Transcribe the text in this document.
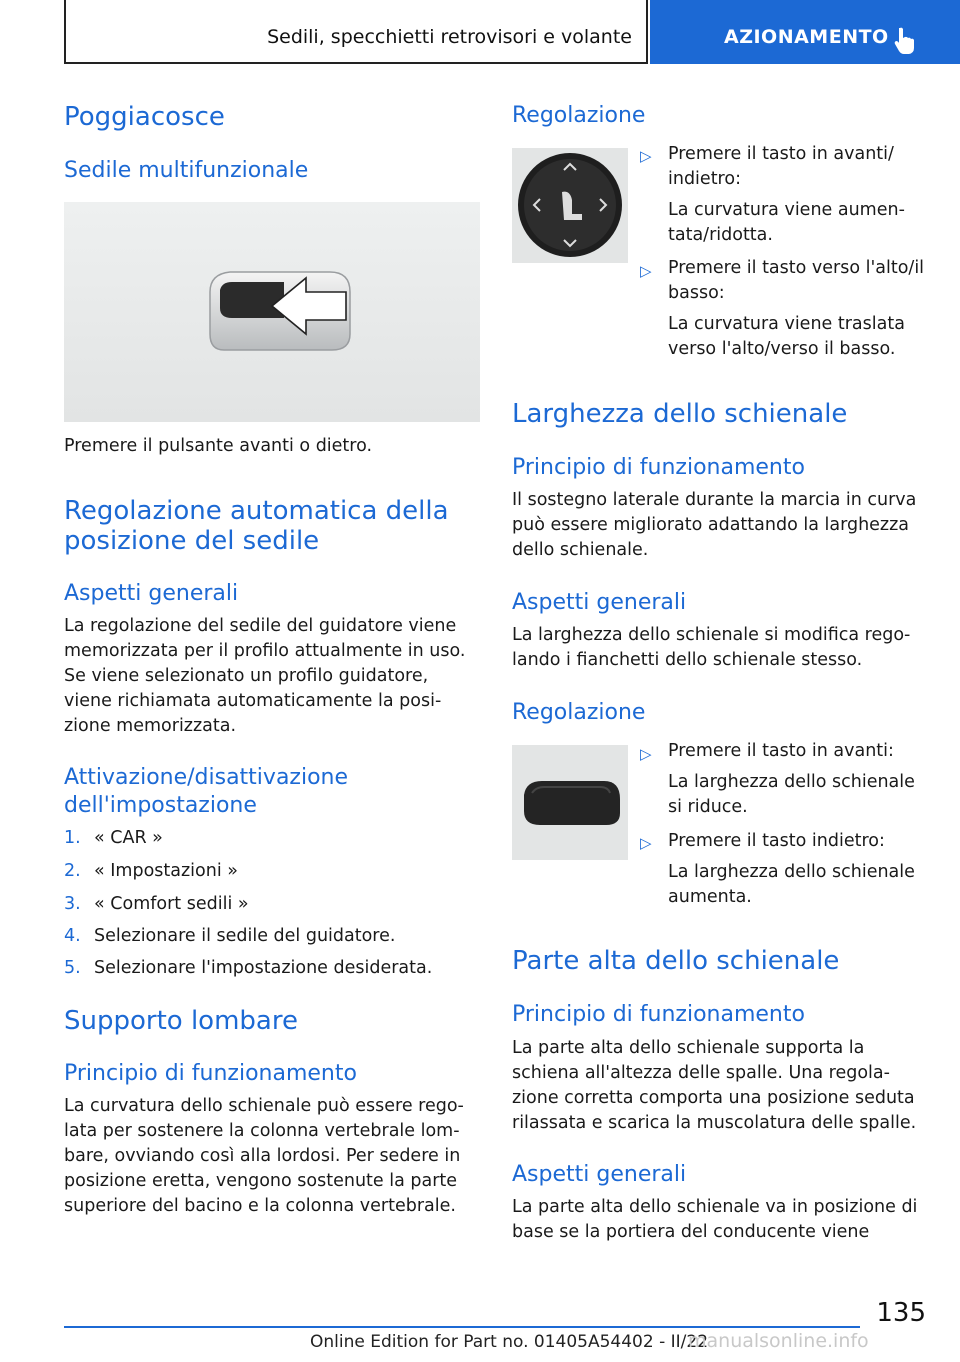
Sedili, specchietti retrovisori e volante	AZIONAMENTO
Poggiacosce
Sedile multifunzionale
Premere il pulsante avanti o dietro.
Regolazione automatica della
posizione del sedile
Aspetti generali
La regolazione del sedile del guidatore viene
memorizzata per il profilo attualmente in uso.
Se viene selezionato un profilo guidatore,
viene richiamata automaticamente la posi‐
zione memorizzata.
Attivazione/disattivazione
dell'impostazione
1. « CAR »
2. « Impostazioni »
3. « Comfort sedili »
4. Selezionare il sedile del guidatore.
5. Selezionare l'impostazione desiderata.
Supporto lombare
Principio di funzionamento
La curvatura dello schienale può essere rego‐
lata per sostenere la colonna vertebrale lom‐
bare, ovviando così alla lordosi. Per sedere in
posizione eretta, vengono sostenute la parte
superiore del bacino e la colonna vertebrale.
Regolazione
▷ Premere il tasto in avanti/
indietro:
La curvatura viene aumen‐
tata/ridotta.
▷ Premere il tasto verso l'alto/il
basso:
La curvatura viene traslata
verso l'alto/verso il basso.
Larghezza dello schienale
Principio di funzionamento
Il sostegno laterale durante la marcia in curva
può essere migliorato adattando la larghezza
dello schienale.
Aspetti generali
La larghezza dello schienale si modifica rego‐
lando i fianchetti dello schienale stesso.
Regolazione
▷ Premere il tasto in avanti:
La larghezza dello schienale
si riduce.
▷ Premere il tasto indietro:
La larghezza dello schienale
aumenta.
Parte alta dello schienale
Principio di funzionamento
La parte alta dello schienale supporta la
schiena all'altezza delle spalle. Una regola‐
zione corretta comporta una posizione seduta
rilassata e scarica la muscolatura delle spalle.
Aspetti generali
La parte alta dello schienale va in posizione di
base se la portiera del conducente viene
135
Online Edition for Part no. 01405A54402 - II/22
manualsonline.info
